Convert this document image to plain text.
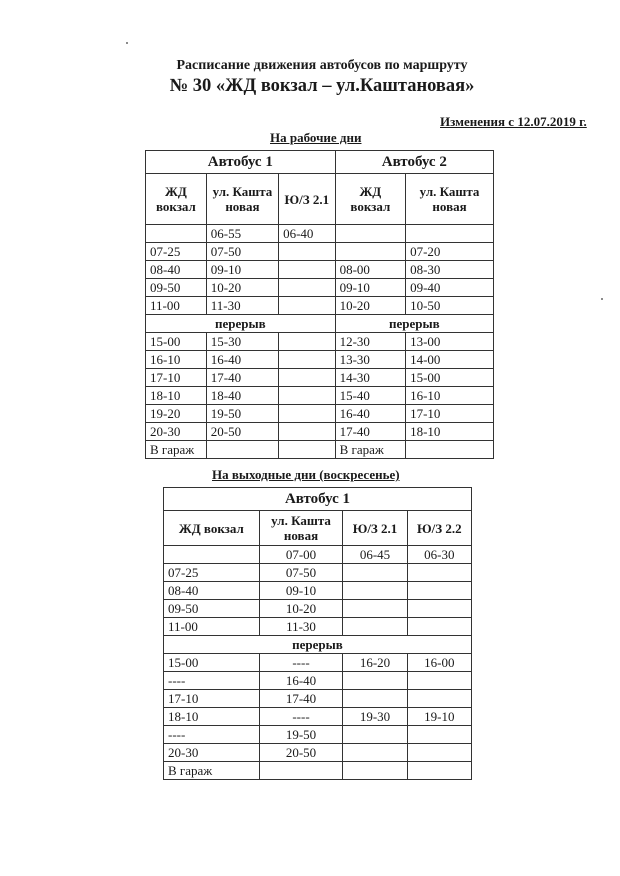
Расписание движения автобусов по маршруту
№ 30 «ЖД вокзал – ул.Каштановая»
Изменения с 12.07.2019 г.
На рабочие дни
Автобус 1			Автобус 2	
ЖД вокзал	ул. Кашта новая	Ю/З 2.1	ЖД вокзал	ул. Кашта новая
	06-55	06-40		
07-25	07-50			07-20
08-40	09-10		08-00	08-30
09-50	10-20		09-10	09-40
11-00	11-30		10-20	10-50
перерыв			перерыв	
15-00	15-30		12-30	13-00
16-10	16-40		13-30	14-00
17-10	17-40		14-30	15-00
18-10	18-40		15-40	16-10
19-20	19-50		16-40	17-10
20-30	20-50		17-40	18-10
В гараж			В гараж	
На выходные дни (воскресенье)
Автобус 1			
ЖД вокзал	ул. Кашта новая	Ю/З 2.1	Ю/З 2.2
	07-00	06-45	06-30
07-25	07-50		
08-40	09-10		
09-50	10-20		
11-00	11-30		
перерыв			
15-00	----	16-20	16-00
----	16-40		
17-10	17-40		
18-10	----	19-30	19-10
----	19-50		
20-30	20-50		
В гараж			
